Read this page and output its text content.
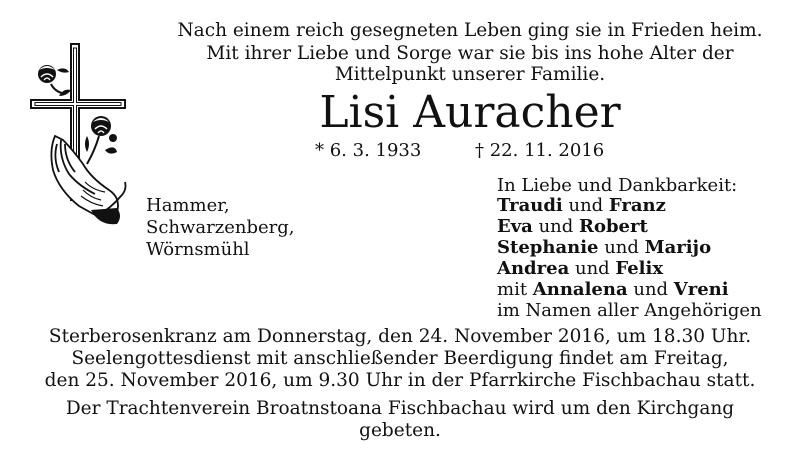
Nach einem reich gesegneten Leben ging sie in Frieden heim.
Mit ihrer Liebe und Sorge war sie bis ins hohe Alter der
Mittelpunkt unserer Familie.
Lisi Auracher
* 6. 3. 1933	† 22. 11. 2016
Hammer,
Schwarzenberg,
Wörnsmühl
In Liebe und Dankbarkeit:
Traudi und Franz
Eva und Robert
Stephanie und Marijo
Andrea und Felix
mit Annalena und Vreni
im Namen aller Angehörigen
Sterberosenkranz am Donnerstag, den 24. November 2016, um 18.30 Uhr.
Seelengottesdienst mit anschließender Beerdigung findet am Freitag,
den 25. November 2016, um 9.30 Uhr in der Pfarrkirche Fischbachau statt.
Der Trachtenverein Broatnstoana Fischbachau wird um den Kirchgang
gebeten.
